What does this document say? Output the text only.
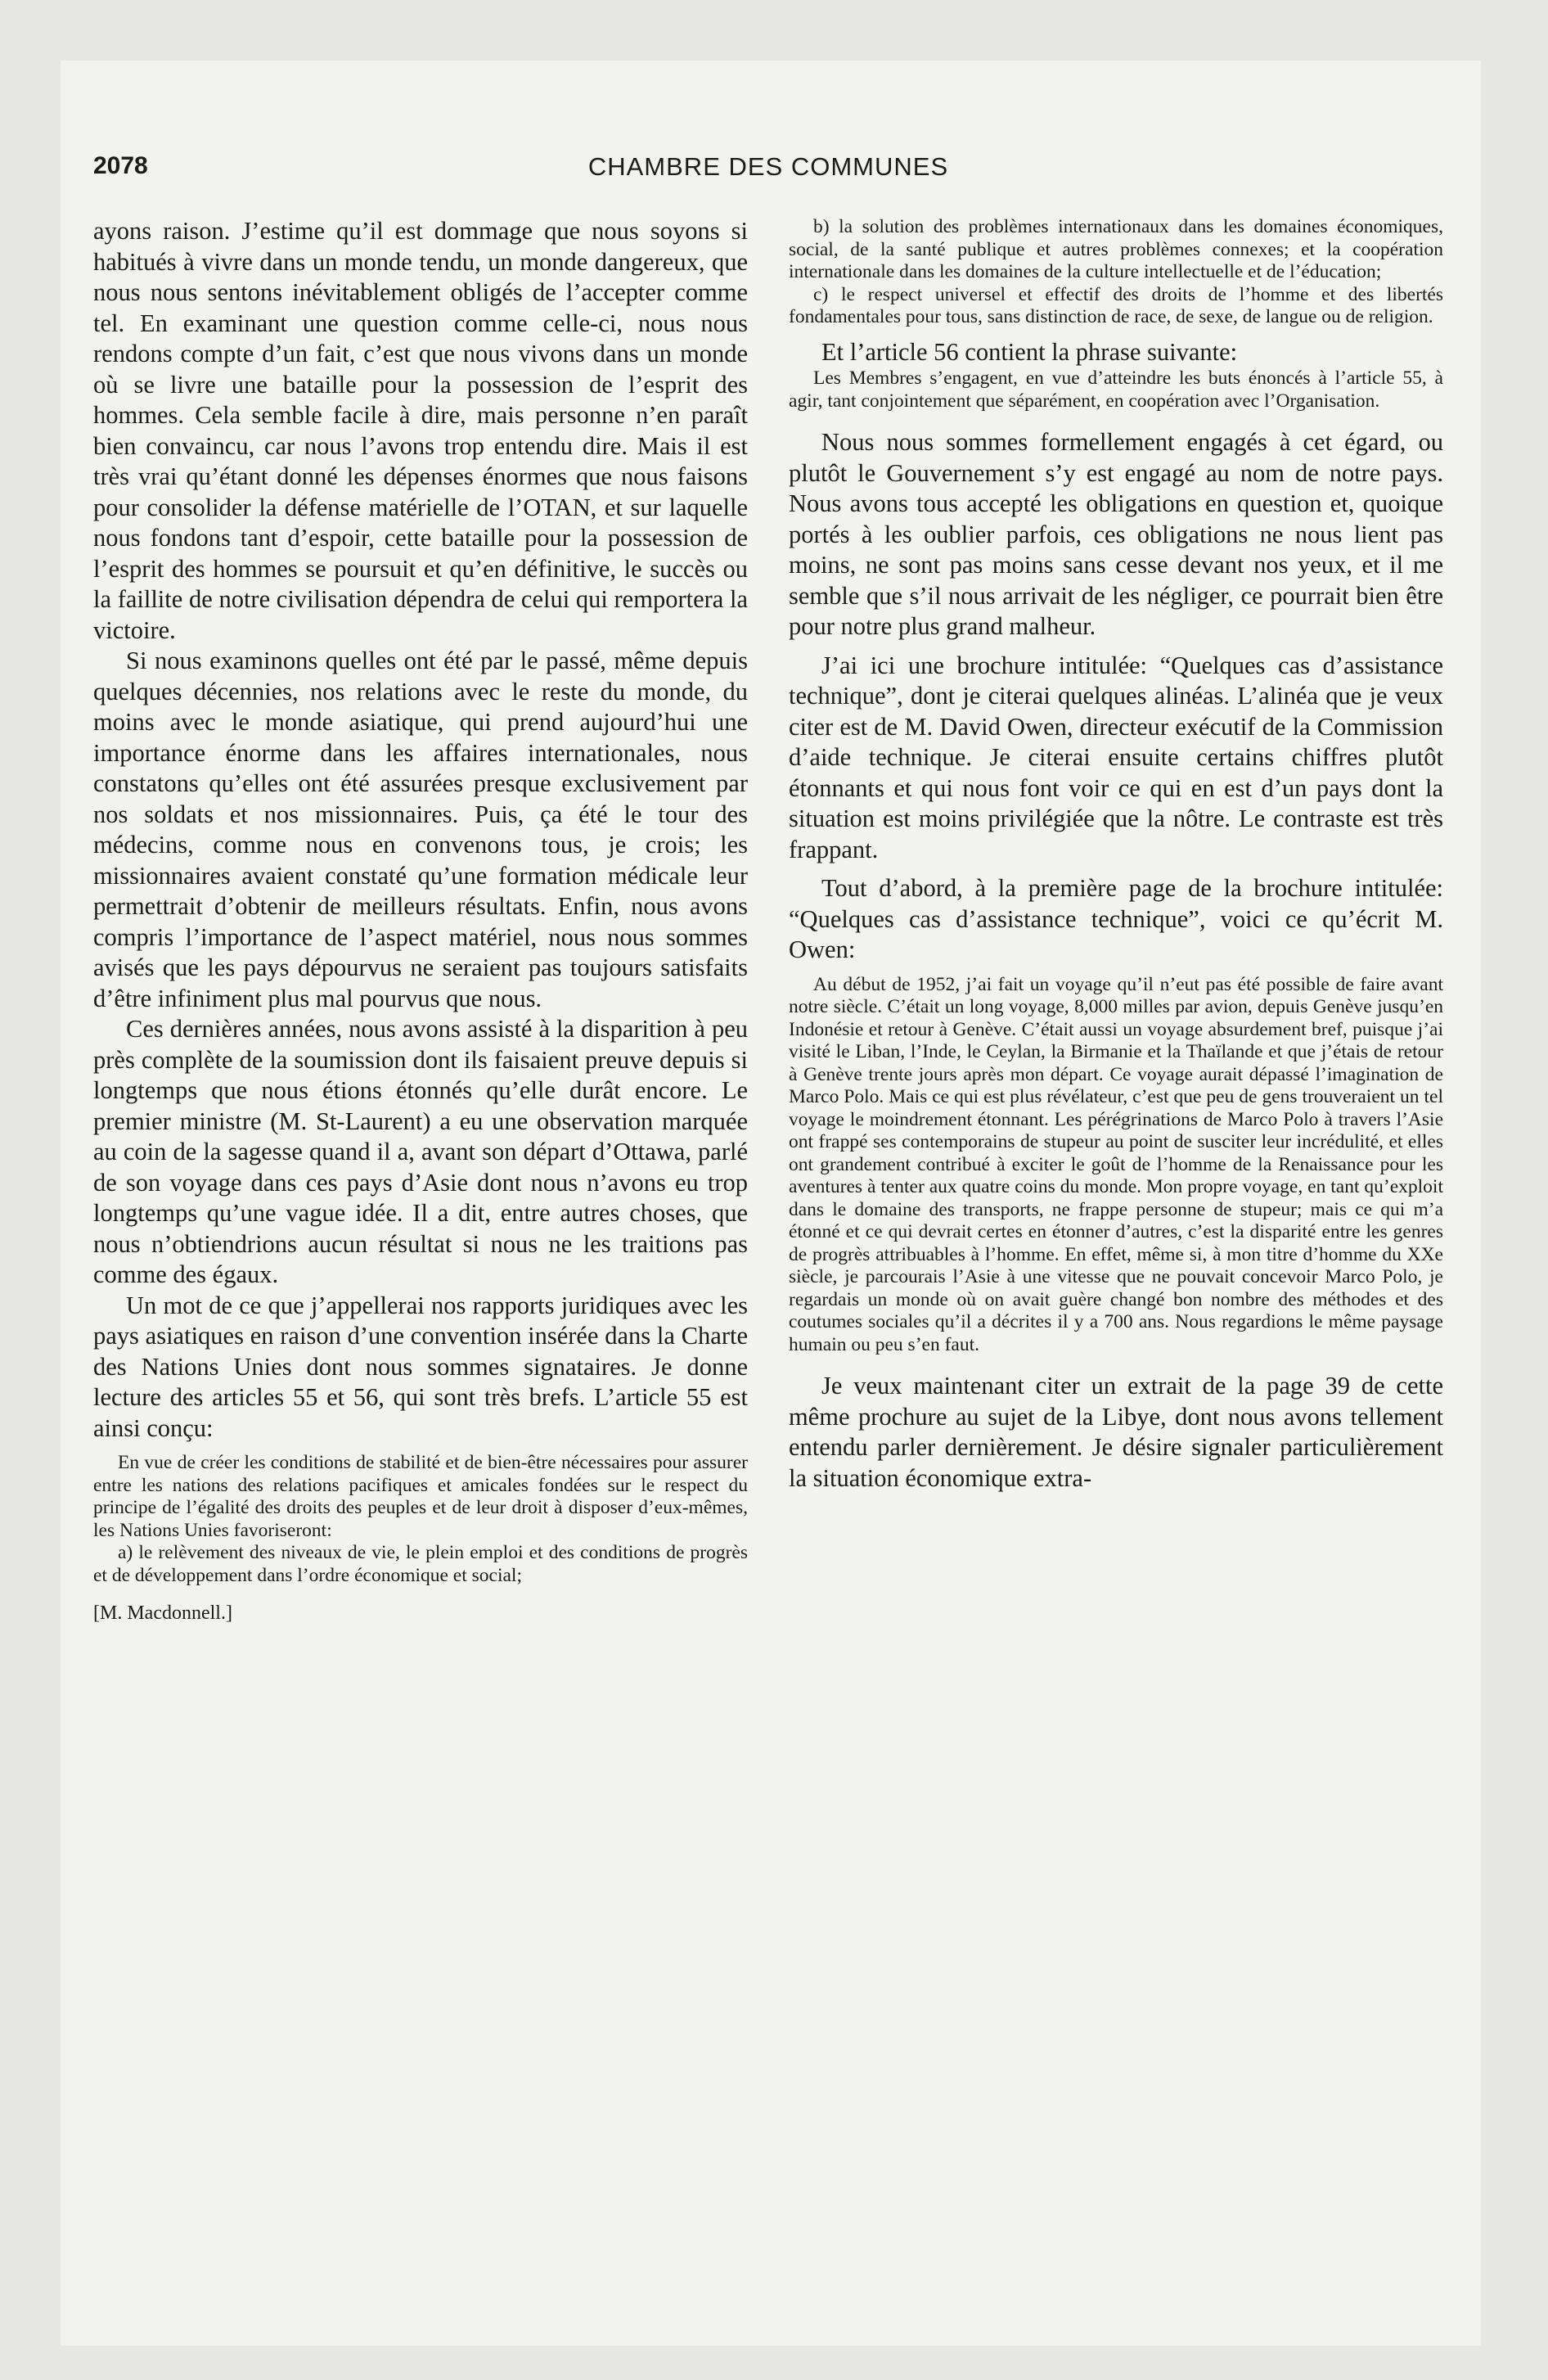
2078	CHAMBRE DES COMMUNES

ayons raison. J’estime qu’il est dommage que nous soyons si habitués à vivre dans un monde tendu, un monde dangereux, que nous nous sentons inévitablement obligés de l’accepter comme tel. En examinant une question comme celle-ci, nous nous rendons compte d’un fait, c’est que nous vivons dans un monde où se livre une bataille pour la possession de l’esprit des hommes. Cela semble facile à dire, mais personne n’en paraît bien convaincu, car nous l’avons trop entendu dire. Mais il est très vrai qu’étant donné les dépenses énormes que nous faisons pour consolider la défense matérielle de l’OTAN, et sur laquelle nous fondons tant d’espoir, cette bataille pour la possession de l’esprit des hommes se poursuit et qu’en définitive, le succès ou la faillite de notre civilisation dépendra de celui qui remportera la victoire.

Si nous examinons quelles ont été par le passé, même depuis quelques décennies, nos relations avec le reste du monde, du moins avec le monde asiatique, qui prend aujourd’hui une importance énorme dans les affaires internationales, nous constatons qu’elles ont été assurées presque exclusivement par nos soldats et nos missionnaires. Puis, ça été le tour des médecins, comme nous en convenons tous, je crois; les missionnaires avaient constaté qu’une formation médicale leur permettrait d’obtenir de meilleurs résultats. Enfin, nous avons compris l’importance de l’aspect matériel, nous nous sommes avisés que les pays dépourvus ne seraient pas toujours satisfaits d’être infiniment plus mal pourvus que nous.

Ces dernières années, nous avons assisté à la disparition à peu près complète de la soumission dont ils faisaient preuve depuis si longtemps que nous étions étonnés qu’elle durât encore. Le premier ministre (M. St-Laurent) a eu une observation marquée au coin de la sagesse quand il a, avant son départ d’Ottawa, parlé de son voyage dans ces pays d’Asie dont nous n’avons eu trop longtemps qu’une vague idée. Il a dit, entre autres choses, que nous n’obtiendrions aucun résultat si nous ne les traitions pas comme des égaux.

Un mot de ce que j’appellerai nos rapports juridiques avec les pays asiatiques en raison d’une convention insérée dans la Charte des Nations Unies dont nous sommes signataires. Je donne lecture des articles 55 et 56, qui sont très brefs. L’article 55 est ainsi conçu:

En vue de créer les conditions de stabilité et de bien-être nécessaires pour assurer entre les nations des relations pacifiques et amicales fondées sur le respect du principe de l’égalité des droits des peuples et de leur droit à disposer d’eux-mêmes, les Nations Unies favoriseront:

a) le relèvement des niveaux de vie, le plein emploi et des conditions de progrès et de développement dans l’ordre économique et social;

[M. Macdonnell.]

b) la solution des problèmes internationaux dans les domaines économiques, social, de la santé publique et autres problèmes connexes; et la coopération internationale dans les domaines de la culture intellectuelle et de l’éducation;

c) le respect universel et effectif des droits de l’homme et des libertés fondamentales pour tous, sans distinction de race, de sexe, de langue ou de religion.

Et l’article 56 contient la phrase suivante:

Les Membres s’engagent, en vue d’atteindre les buts énoncés à l’article 55, à agir, tant conjointement que séparément, en coopération avec l’Organisation.

Nous nous sommes formellement engagés à cet égard, ou plutôt le Gouvernement s’y est engagé au nom de notre pays. Nous avons tous accepté les obligations en question et, quoique portés à les oublier parfois, ces obligations ne nous lient pas moins, ne sont pas moins sans cesse devant nos yeux, et il me semble que s’il nous arrivait de les négliger, ce pourrait bien être pour notre plus grand malheur.

J’ai ici une brochure intitulée: “Quelques cas d’assistance technique”, dont je citerai quelques alinéas. L’alinéa que je veux citer est de M. David Owen, directeur exécutif de la Commission d’aide technique. Je citerai ensuite certains chiffres plutôt étonnants et qui nous font voir ce qui en est d’un pays dont la situation est moins privilégiée que la nôtre. Le contraste est très frappant.

Tout d’abord, à la première page de la brochure intitulée: “Quelques cas d’assistance technique”, voici ce qu’écrit M. Owen:

Au début de 1952, j’ai fait un voyage qu’il n’eut pas été possible de faire avant notre siècle. C’était un long voyage, 8,000 milles par avion, depuis Genève jusqu’en Indonésie et retour à Genève. C’était aussi un voyage absurdement bref, puisque j’ai visité le Liban, l’Inde, le Ceylan, la Birmanie et la Thaïlande et que j’étais de retour à Genève trente jours après mon départ. Ce voyage aurait dépassé l’imagination de Marco Polo. Mais ce qui est plus révélateur, c’est que peu de gens trouveraient un tel voyage le moindrement étonnant. Les pérégrinations de Marco Polo à travers l’Asie ont frappé ses contemporains de stupeur au point de susciter leur incrédulité, et elles ont grandement contribué à exciter le goût de l’homme de la Renaissance pour les aventures à tenter aux quatre coins du monde. Mon propre voyage, en tant qu’exploit dans le domaine des transports, ne frappe personne de stupeur; mais ce qui m’a étonné et ce qui devrait certes en étonner d’autres, c’est la disparité entre les genres de progrès attribuables à l’homme. En effet, même si, à mon titre d’homme du XXe siècle, je parcourais l’Asie à une vitesse que ne pouvait concevoir Marco Polo, je regardais un monde où on avait guère changé bon nombre des méthodes et des coutumes sociales qu’il a décrites il y a 700 ans. Nous regardions le même paysage humain ou peu s’en faut.

Je veux maintenant citer un extrait de la page 39 de cette même prochure au sujet de la Libye, dont nous avons tellement entendu parler dernièrement. Je désire signaler particulièrement la situation économique extra-
